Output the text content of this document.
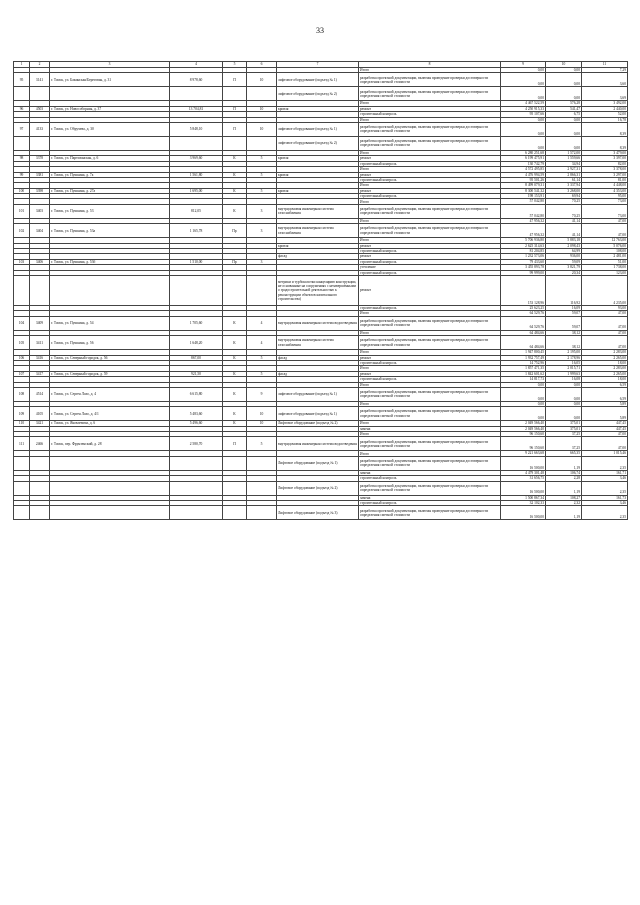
33
1	2	3	4	5	6	7	8	9	10	11
							Итого	0,00	0,00	7,29
95	3141	г. Томск, ул. Бакинская/Береговая, д. 31	8 978,60	П	10	лифтовое оборудование (подъезд № 1)	разработка проектной документации, включая проведение проверки достоверности определения сметной стоимости	0,00	0,00	3,60
						лифтовое оборудование (подъезд № 2)	разработка проектной документации, включая проведение проверки достоверности определения сметной стоимости	0,00	0,00	3,69
							Итого	4 467 522,59	576,28	3 492,00
96	4503	г. Томск, ул. Новособорная, д. 37	13 704,81	П	10	кровля	ремонт	4 250 915,33	541,47	2 440,00
							строительный контроль	95 107,66	6,75	52,00
							Итого	0,00	0,00	16,78
97	4133	г. Томск, ул. Обручева, д. 30	5 848,10	П	10	лифтовое оборудование (подъезд № 1)	разработка проектной документации, включая проведение проверки достоверности определения сметной стоимости	0,00	0,00	8,39
						лифтовое оборудование (подъезд № 2)	разработка проектной документации, включая проведение проверки достоверности определения сметной стоимости	0,00	0,00	8,39
							Итого	6 280 251,68	1 572,00	3 479,00
98	3378	г. Томск, ул. Партизанская, д. 6	3 969,60	К	5	кровля	ремонт	6 199 475,91	1 559,66	3 397,00
							строительный контроль	130 742,79	34,94	82,00
							Итого	4 572 495,85	2 927,31	3 378,00
99	3381	г. Томск, ул. Пушкина, д. 7а	1 561,80	К	5	кровля	ремонт	4 476 994,59	2 866,31	3 297,00
							строительный контроль	95 501,26	61,14	81,00
							Итого	8 499 079,31	3 337,94	4 448,00
100	3398	г. Томск, ул. Пушкина, д. 27а	1 695,00	К	5	кровля	ремонт	8 300 541,32	3 268,00	4 353,00
							строительный контроль	198 153,91	69,94	95,00
							Итого	57 042,80	70,25	73,00
101	3403	г. Томск, ул. Пушкина, д. 53	812,05	К	3	внутридомовая инженерная система газоснабжения	разработка проектной документации, включая проведение проверки достоверности определения сметной стоимости	57 042,80	70,25	73,00
							Итого	47 956,32	41,14	47,00
102	3404	г. Томск, ул. Пушкина, д. 53а	1 165,78	Пр	3	внутридомовая инженерная система газоснабжения	разработка проектной документации, включая проведение проверки достоверности определения сметной стоимости	47 956,32	41,14	47,00
							Итого	5 706 936,80	5 883,18	12 763,00
						кровля	ремонт	2 625 314,63	2 098,43	5 076,00
							строительный контроль	81 204,85	64,99	108,00
						фасад	ремонт	1 232 573,06	936,00	2 481,00
103	3406	г. Томск, ул. Пушкина, д. 53б	1 510,00	Пр	3		строительный контроль	79 433,60	59,09	51,00
							утепление	3 455 893,78	3 821,79	1 738,00
							строительный контроль	99 999,00	20,34	123,00
						метрики и турбоколотки канцелярию конструкции, не основанные на сооружениях с незавершёнными о градостроительной деятельностью к реконструкции объектов капитального строительства)	ремонт	153 128,96	116,92	4 235,00
							строительный контроль	25 623,25	16,09	93,00
							Итого	64 529,76	59,07	47,00
104	3409	г. Томск, ул. Пушкина, д. 54	1 705,60	К	4	внутридомовая инженерная система водоотведения	разработка проектной документации, включая проведение проверки достоверности определения сметной стоимости	64 529,76	59,07	47,00
							Итого	64 484,66	38,12	47,00
105	3411	г. Томск, ул. Пушкина, д. 56	1 648,20	К	4	внутридомовая инженерная система газоснабжения	разработка проектной документации, включая проведение проверки достоверности определения сметной стоимости	64 484,66	38,12	47,00
							Итого	1 947 800,45	2 195,00	2 283,00
106	3416	г. Томск, ул. Северный городок, д. 56	867,00	К	5	фасад	ремонт	1 932 757,49	2 178,96	2 265,00
							строительный контроль	14 752,96	16,05	18,00
							Итого	1 857 471,35	2 015,71	2 283,00
107	3417	г. Томск, ул. Северный городок, д. 59	921,50	К	5	фасад	ремонт	1 842 601,62	1 999,63	2 265,00
							строительный контроль	14 817,73	16,08	18,00
							Итого	0,00	0,00	6,59
108	4514	г. Томск, ул. Сергея Лазо, д. 4	6 615,80	К	9	лифтовое оборудование (подъезд № 1)	разработка проектной документации, включая проведение проверки достоверности определения сметной стоимости	0,00	0,00	6,59
							Итого	0,00	0,00	5,89
109	4105	г. Томск, ул. Сергея Лазо, д. 4/1	5 483,60	К	10	лифтовое оборудование (подъезд № 1)	разработка проектной документации, включая проведение проверки достоверности определения сметной стоимости	0,00	0,00	5,89
110	3421	г. Томск, ул. Яковлевича, д. 6	5 496,60	К	10	Лифтовое оборудование (подъезд № 2)	Итого	2 049 566,40	375,01	447,45
							замена	2 049 566,40	375,01	447,45
							Итого	96 150,60	37,25	47,00
111	2466	г. Томск, пер. Фрунзенский, д. 28	2 580,70	П	5	внутридомовая инженерная система водоотведения	разработка проектной документации, включая проведение проверки достоверности определения сметной стоимости	96 150,60	37,25	47,00
							Итого	9 221 663,68	665,35	1 015,46
						Лифтовое оборудование (подъезд № 1)	разработка проектной документации, включая проведение проверки достоверности определения сметной стоимости	16 500,00	1,19	2,35
							замена	4 479 301,48	106,74	161,71
							строительный контроль	31 656,75	2,28	3,46
						Лифтовое оборудование (подъезд № 2)	разработка проектной документации, включая проведение проверки достоверности определения сметной стоимости	16 500,00	1,19	2,35
							замена	1 500 867,34	108,27	161,73
							строительный контроль	32 102,33	2,32	3,46
						Лифтовое оборудование (подъезд № 3)	разработка проектной документации, включая проведение проверки достоверности определения сметной стоимости	16 500,00	1,19	2,35
